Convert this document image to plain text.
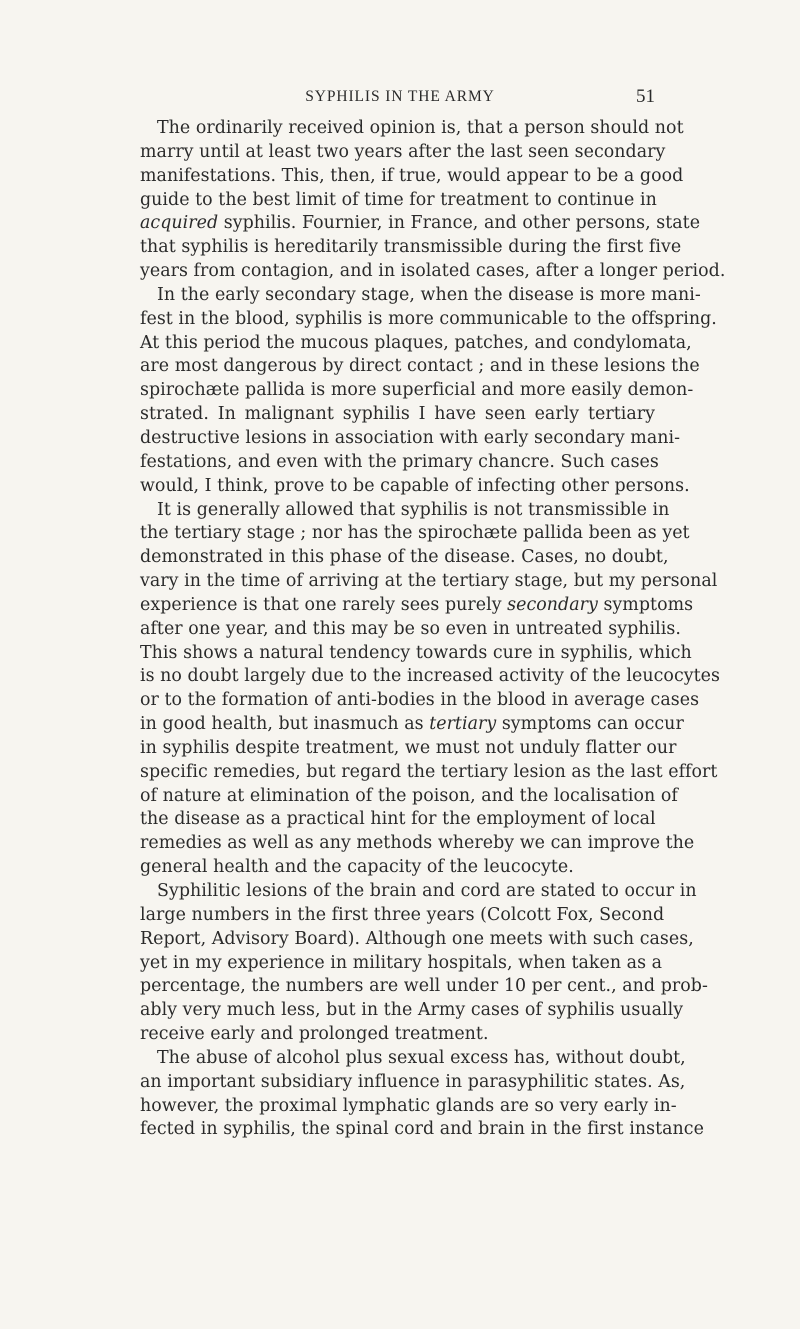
SYPHILIS IN THE ARMY	51
The ordinarily received opinion is, that a person should not
marry until at least two years after the last seen secondary
manifestations. This, then, if true, would appear to be a good
guide to the best limit of time for treatment to continue in
acquired syphilis. Fournier, in France, and other persons, state
that syphilis is hereditarily transmissible during the first five
years from contagion, and in isolated cases, after a longer period.
In the early secondary stage, when the disease is more mani-
fest in the blood, syphilis is more communicable to the offspring.
At this period the mucous plaques, patches, and condylomata,
are most dangerous by direct contact ; and in these lesions the
spirochæte pallida is more superficial and more easily demon-
strated. In malignant syphilis I have seen early tertiary
destructive lesions in association with early secondary mani-
festations, and even with the primary chancre. Such cases
would, I think, prove to be capable of infecting other persons.
It is generally allowed that syphilis is not transmissible in
the tertiary stage ; nor has the spirochæte pallida been as yet
demonstrated in this phase of the disease. Cases, no doubt,
vary in the time of arriving at the tertiary stage, but my personal
experience is that one rarely sees purely secondary symptoms
after one year, and this may be so even in untreated syphilis.
This shows a natural tendency towards cure in syphilis, which
is no doubt largely due to the increased activity of the leucocytes
or to the formation of anti-bodies in the blood in average cases
in good health, but inasmuch as tertiary symptoms can occur
in syphilis despite treatment, we must not unduly flatter our
specific remedies, but regard the tertiary lesion as the last effort
of nature at elimination of the poison, and the localisation of
the disease as a practical hint for the employment of local
remedies as well as any methods whereby we can improve the
general health and the capacity of the leucocyte.
Syphilitic lesions of the brain and cord are stated to occur in
large numbers in the first three years (Colcott Fox, Second
Report, Advisory Board). Although one meets with such cases,
yet in my experience in military hospitals, when taken as a
percentage, the numbers are well under 10 per cent., and prob-
ably very much less, but in the Army cases of syphilis usually
receive early and prolonged treatment.
The abuse of alcohol plus sexual excess has, without doubt,
an important subsidiary influence in parasyphilitic states. As,
however, the proximal lymphatic glands are so very early in-
fected in syphilis, the spinal cord and brain in the first instance
